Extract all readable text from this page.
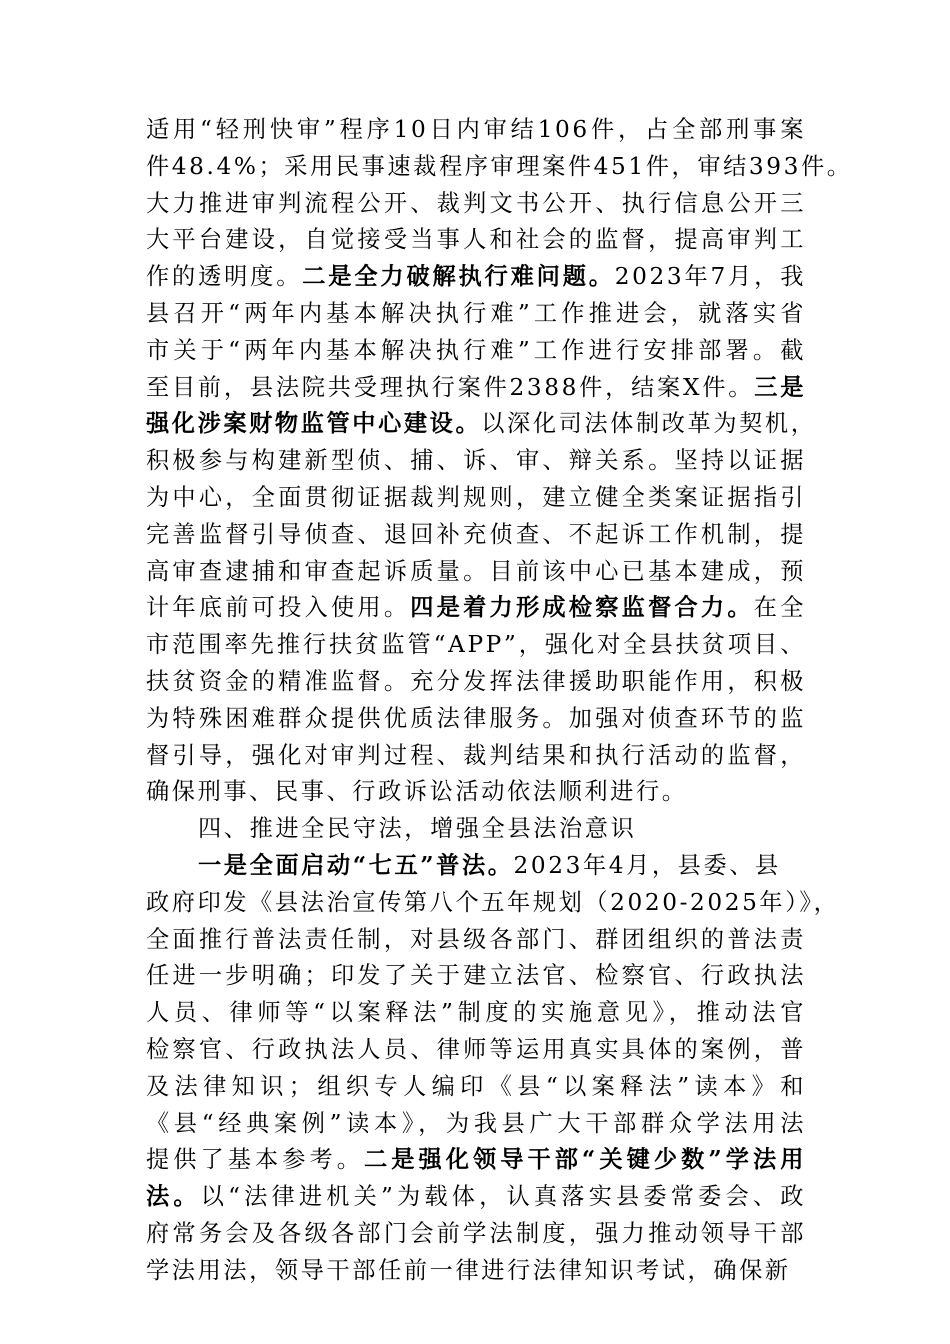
适用“轻刑快审”程序10日内审结106件，占全部刑事案
件48.4%；采用民事速裁程序审理案件451件，审结393件。
大力推进审判流程公开、裁判文书公开、执行信息公开三
大平台建设，自觉接受当事人和社会的监督，提高审判工
作的透明度。二是全力破解执行难问题。2023年7月，我
县召开“两年内基本解决执行难”工作推进会，就落实省
市关于“两年内基本解决执行难”工作进行安排部署。截
至目前，县法院共受理执行案件2388件，结案X件。三是
强化涉案财物监管中心建设。以深化司法体制改革为契机，
积极参与构建新型侦、捕、诉、审、辩关系。坚持以证据
为中心，全面贯彻证据裁判规则，建立健全类案证据指引
完善监督引导侦查、退回补充侦查、不起诉工作机制，提
高审查逮捕和审查起诉质量。目前该中心已基本建成，预
计年底前可投入使用。四是着力形成检察监督合力。在全
市范围率先推行扶贫监管“APP”，强化对全县扶贫项目、
扶贫资金的精准监督。充分发挥法律援助职能作用，积极
为特殊困难群众提供优质法律服务。加强对侦查环节的监
督引导，强化对审判过程、裁判结果和执行活动的监督，
确保刑事、民事、行政诉讼活动依法顺利进行。
四、推进全民守法，增强全县法治意识
一是全面启动“七五”普法。2023年4月，县委、县
政府印发《县法治宣传第八个五年规划（2020-2025年）》，
全面推行普法责任制，对县级各部门、群团组织的普法责
任进一步明确；印发了关于建立法官、检察官、行政执法
人员、律师等“以案释法”制度的实施意见》，推动法官
检察官、行政执法人员、律师等运用真实具体的案例，普
及法律知识；组织专人编印《县“以案释法”读本》和
《县“经典案例”读本》，为我县广大干部群众学法用法
提供了基本参考。二是强化领导干部“关键少数”学法用
法。以“法律进机关”为载体，认真落实县委常委会、政
府常务会及各级各部门会前学法制度，强力推动领导干部
学法用法，领导干部任前一律进行法律知识考试，确保新
